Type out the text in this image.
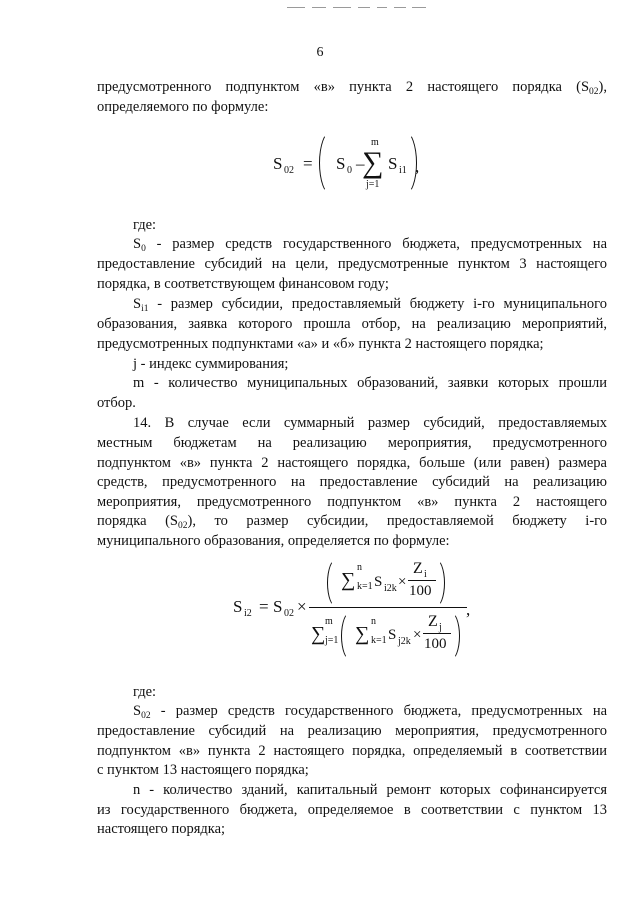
6
предусмотренного подпунктом «в» пункта 2 настоящего порядка $(S_{02})$,
определяемого по формуле:
S 02 = S 0 –
m
∑
j=1
S i1 ,
где:
$S_0$ - размер средств государственного бюджета, предусмотренных на
предоставление субсидий на цели, предусмотренные пунктом 3 настоящего
порядка, в соответствующем финансовом году;
$S_{i1}$ - размер субсидии, предоставляемый бюджету i-го муниципального
образования, заявка которого прошла отбор, на реализацию мероприятий,
предусмотренных подпунктами «а» и «б» пункта 2 настоящего порядка;
j - индекс суммирования;
m - количество муниципальных образований, заявки которых прошли
отбор.
14. В случае если суммарный размер субсидий, предоставляемых
местным бюджетам на реализацию мероприятия, предусмотренного
подпунктом «в» пункта 2 настоящего порядка, больше (или равен) размера
средств, предусмотренного на предоставление субсидий на реализацию
мероприятия, предусмотренного подпунктом «в» пункта 2 настоящего
порядка $(S_{02})$, то размер субсидии, предоставляемой бюджету i-го
муниципального образования, определяется по формуле:
S i2 = S 02 ×
∑
n
k=1 S i2k ×
Z i
100
,
∑
m
j=1 ∑
n
k=1 S j2k ×
Z j
100
где:
$S_{02}$ - размер средств государственного бюджета, предусмотренных на
предоставление субсидий на реализацию мероприятия, предусмотренного
подпунктом «в» пункта 2 настоящего порядка, определяемый в соответствии
с пунктом 13 настоящего порядка;
n - количество зданий, капитальный ремонт которых софинансируется
из государственного бюджета, определяемое в соответствии с пунктом 13
настоящего порядка;
